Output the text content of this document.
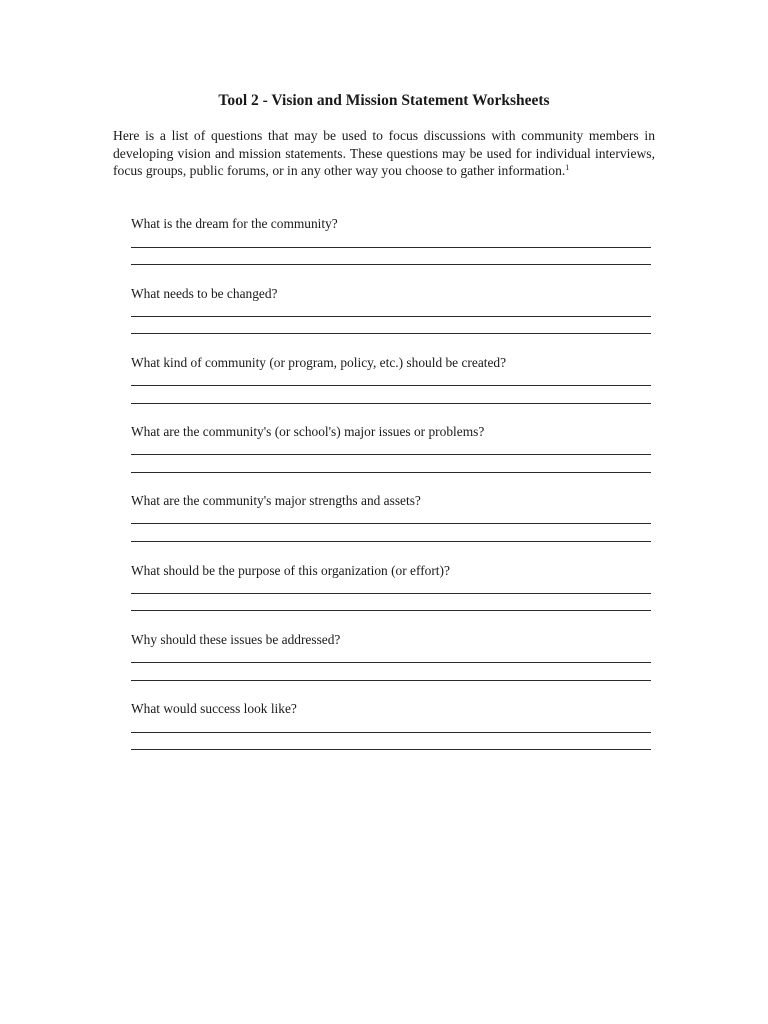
Tool 2 - Vision and Mission Statement Worksheets

Here is a list of questions that may be used to focus discussions with community members in developing vision and mission statements. These questions may be used for individual interviews, focus groups, public forums, or in any other way you choose to gather information.$^1$

What is the dream for the community?
What needs to be changed?
What kind of community (or program, policy, etc.) should be created?
What are the community's (or school's) major issues or problems?
What are the community's major strengths and assets?
What should be the purpose of this organization (or effort)?
Why should these issues be addressed?
What would success look like?
